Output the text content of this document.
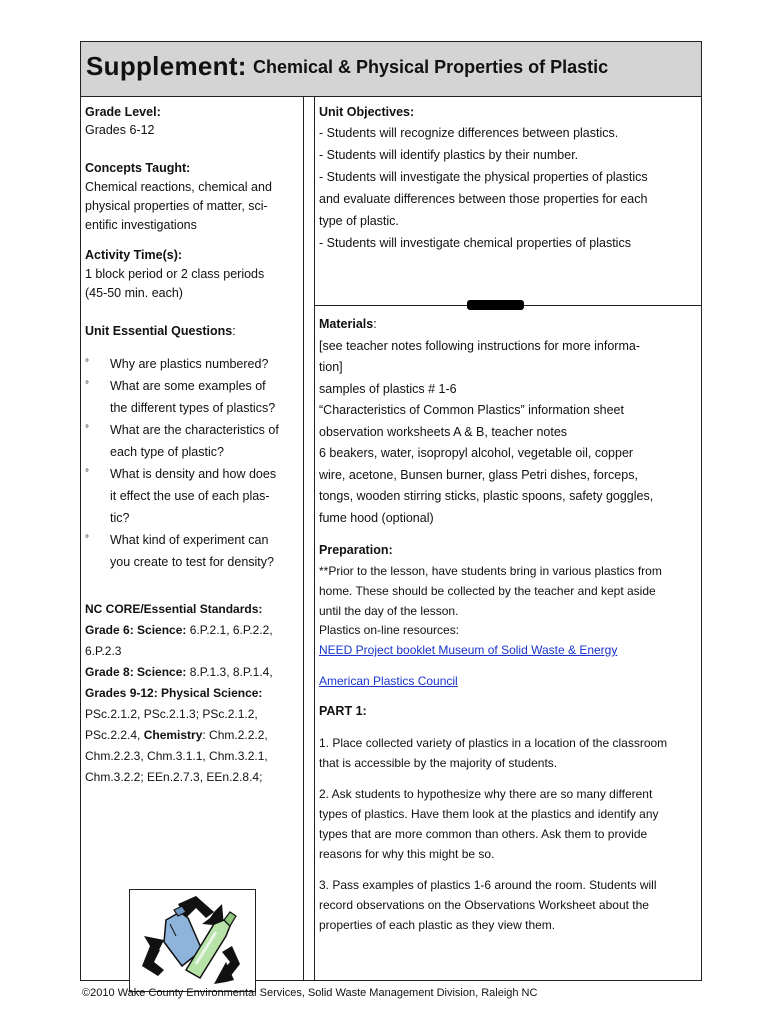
Supplement: Chemical & Physical Properties of Plastic
Grade Level:
Grades 6-12
Concepts Taught:
Chemical reactions, chemical and
physical properties of matter, sci-
entific investigations
Activity Time(s):
1 block period or 2 class periods
(45-50 min. each)
Unit Essential Questions:
° Why are plastics numbered?
° What are some examples of
the different types of plastics?
° What are the characteristics of
each type of plastic?
° What is density and how does
it effect the use of each plas-
tic?
° What kind of experiment can
you create to test for density?
NC CORE/Essential Standards:
Grade 6: Science: 6.P.2.1, 6.P.2.2,
6.P.2.3
Grade 8: Science: 8.P.1.3, 8.P.1.4,
Grades 9-12: Physical Science:
PSc.2.1.2, PSc.2.1.3; PSc.2.1.2,
PSc.2.2.4, Chemistry: Chm.2.2.2,
Chm.2.2.3, Chm.3.1.1, Chm.3.2.1,
Chm.3.2.2; EEn.2.7.3, EEn.2.8.4;
Unit Objectives:
- Students will recognize differences between plastics.
- Students will identify plastics by their number.
- Students will investigate the physical properties of plastics
and evaluate differences between those properties for each
type of plastic.
- Students will investigate chemical properties of plastics
Materials:
[see teacher notes following instructions for more informa-
tion]
samples of plastics # 1-6
“Characteristics of Common Plastics” information sheet
observation worksheets A & B, teacher notes
6 beakers, water, isopropyl alcohol, vegetable oil, copper
wire, acetone, Bunsen burner, glass Petri dishes, forceps,
tongs, wooden stirring sticks, plastic spoons, safety goggles,
fume hood (optional)
Preparation:
**Prior to the lesson, have students bring in various plastics from
home. These should be collected by the teacher and kept aside
until the day of the lesson.
Plastics on-line resources:
NEED Project booklet Museum of Solid Waste & Energy
American Plastics Council
PART 1:
1. Place collected variety of plastics in a location of the classroom
that is accessible by the majority of students.
2. Ask students to hypothesize why there are so many different
types of plastics. Have them look at the plastics and identify any
types that are more common than others. Ask them to provide
reasons for why this might be so.
3. Pass examples of plastics 1-6 around the room. Students will
record observations on the Observations Worksheet about the
properties of each plastic as they view them.
©2010 Wake County Environmental Services, Solid Waste Management Division, Raleigh NC
